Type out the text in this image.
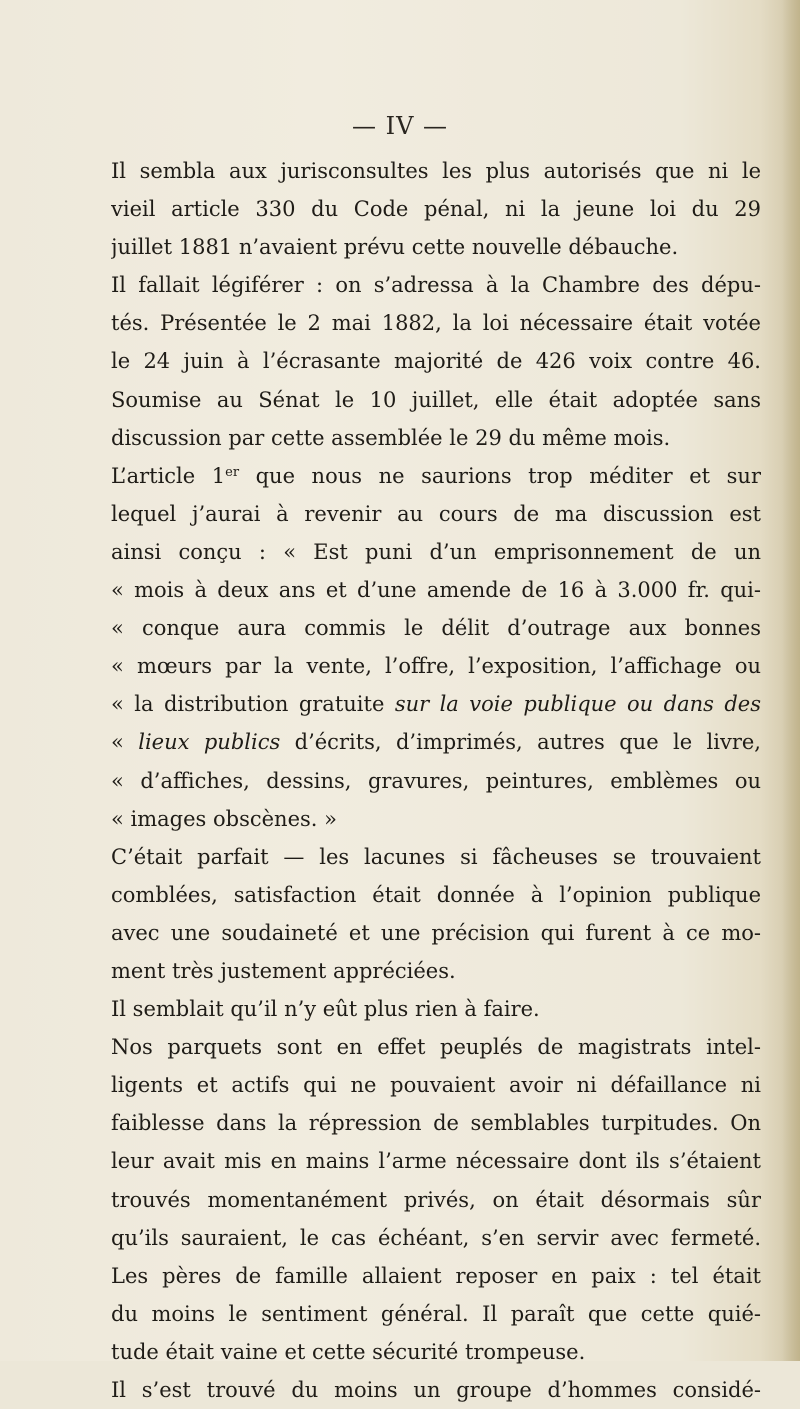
— IV —
Il sembla aux jurisconsultes les plus autorisés que ni le
vieil article 330 du Code pénal, ni la jeune loi du 29
juillet 1881 n’avaient prévu cette nouvelle débauche.
Il fallait légiférer : on s’adressa à la Chambre des dépu-
tés. Présentée le 2 mai 1882, la loi nécessaire était votée
le 24 juin à l’écrasante majorité de 426 voix contre 46.
Soumise au Sénat le 10 juillet, elle était adoptée sans
discussion par cette assemblée le 29 du même mois.
L’article 1er que nous ne saurions trop méditer et sur
lequel j’aurai à revenir au cours de ma discussion est
ainsi conçu : « Est puni d’un emprisonnement de un
« mois à deux ans et d’une amende de 16 à 3.000 fr. qui-
« conque aura commis le délit d’outrage aux bonnes
« mœurs par la vente, l’offre, l’exposition, l’affichage ou
« la distribution gratuite sur la voie publique ou dans des
« lieux publics d’écrits, d’imprimés, autres que le livre,
« d’affiches, dessins, gravures, peintures, emblèmes ou
« images obscènes. »
C’était parfait — les lacunes si fâcheuses se trouvaient
comblées, satisfaction était donnée à l’opinion publique
avec une soudaineté et une précision qui furent à ce mo-
ment très justement appréciées.
Il semblait qu’il n’y eût plus rien à faire.
Nos parquets sont en effet peuplés de magistrats intel-
ligents et actifs qui ne pouvaient avoir ni défaillance ni
faiblesse dans la répression de semblables turpitudes. On
leur avait mis en mains l’arme nécessaire dont ils s’étaient
trouvés momentanément privés, on était désormais sûr
qu’ils sauraient, le cas échéant, s’en servir avec fermeté.
Les pères de famille allaient reposer en paix : tel était
du moins le sentiment général. Il paraît que cette quié-
tude était vaine et cette sécurité trompeuse.
Il s’est trouvé du moins un groupe d’hommes considé-
